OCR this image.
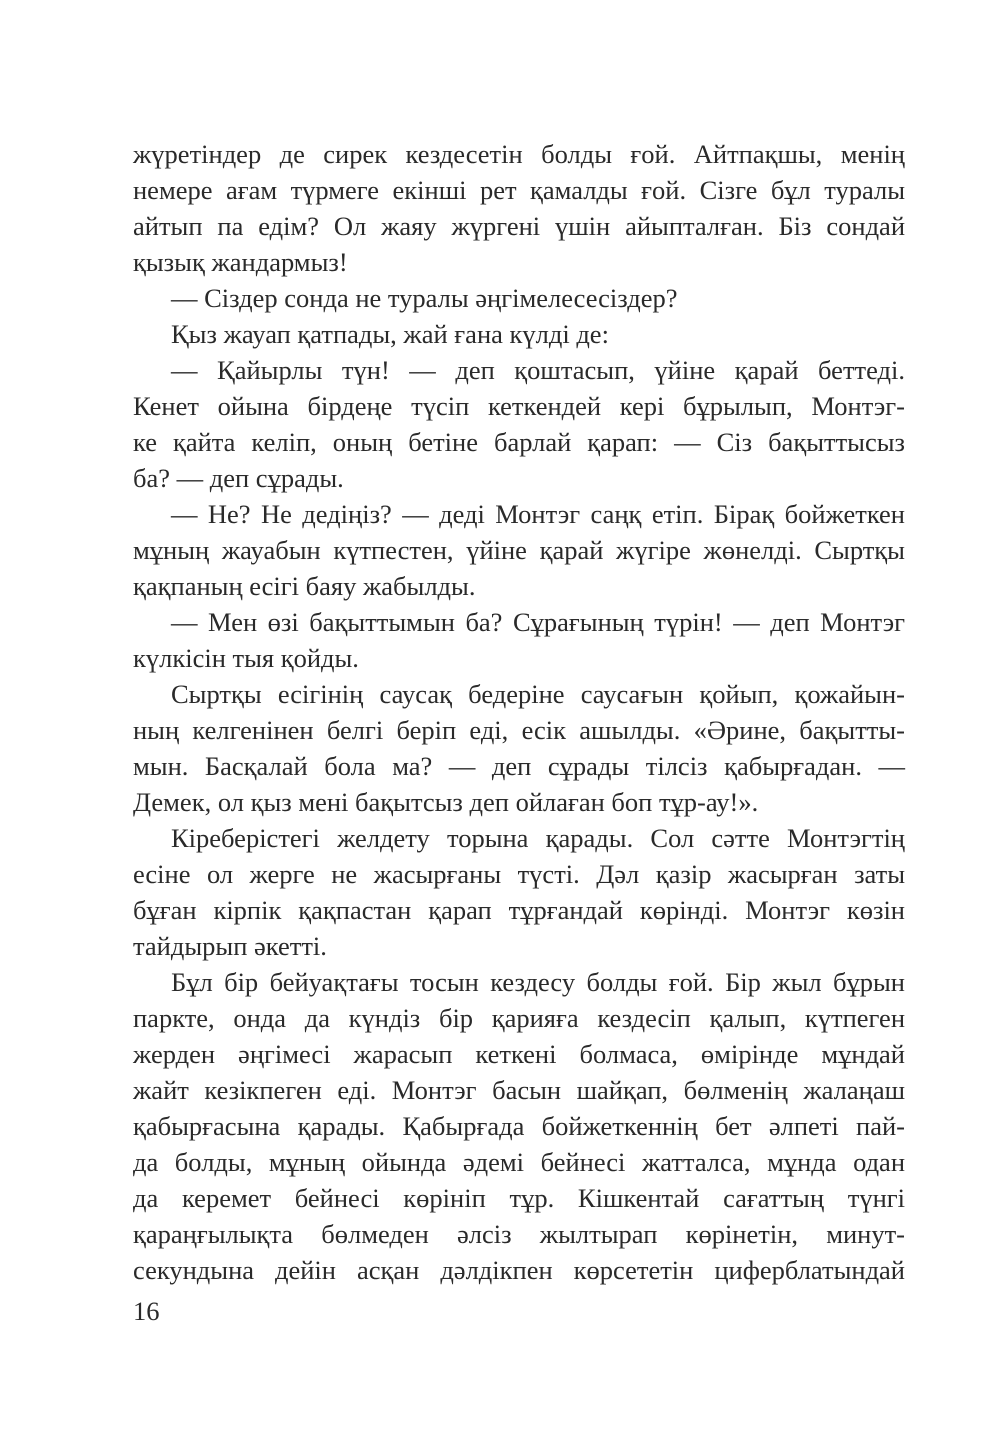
жүретіндер де сирек кездесетін болды ғой. Айтпақшы, менің
немере ағам түрмеге екінші рет қамалды ғой. Сізге бұл туралы
айтып па едім? Ол жаяу жүргені үшін айыпталған. Біз сондай
қызық жандармыз!
— Сіздер сонда не туралы әңгімелесесіздер?
Қыз жауап қатпады, жай ғана күлді де:
— Қайырлы түн! — деп қоштасып, үйіне қарай беттеді.
Кенет ойына бірдеңе түсіп кеткендей кері бұрылып, Монтэг-
ке қайта келіп, оның бетіне барлай қарап: — Сіз бақыттысыз
ба? — деп сұрады.
— Не? Не дедіңіз? — деді Монтэг саңқ етіп. Бірақ бойжеткен
мұның жауабын күтпестен, үйіне қарай жүгіре жөнелді. Сыртқы
қақпаның есігі баяу жабылды.
— Мен өзі бақыттымын ба? Сұрағының түрін! — деп Монтэг
күлкісін тыя қойды.
Сыртқы есігінің саусақ бедеріне саусағын қойып, қожайын-
ның келгенінен белгі беріп еді, есік ашылды. «Әрине, бақытты-
мын. Басқалай бола ма? — деп сұрады тілсіз қабырғадан. —
Демек, ол қыз мені бақытсыз деп ойлаған боп тұр-ау!».
Кіреберістегі желдету торына қарады. Сол сәтте Монтэгтің
есіне ол жерге не жасырғаны түсті. Дәл қазір жасырған заты
бұған кірпік қақпастан қарап тұрғандай көрінді. Монтэг көзін
тайдырып әкетті.
Бұл бір бейуақтағы тосын кездесу болды ғой. Бір жыл бұрын
паркте, онда да күндіз бір қарияға кездесіп қалып, күтпеген
жерден әңгімесі жарасып кеткені болмаса, өмірінде мұндай
жайт кезікпеген еді. Монтэг басын шайқап, бөлменің жалаңаш
қабырғасына қарады. Қабырғада бойжеткеннің бет әлпеті пай-
да болды, мұның ойында әдемі бейнесі жатталса, мұнда одан
да керемет бейнесі көрініп тұр. Кішкентай сағаттың түнгі
қараңғылықта бөлмеден әлсіз жылтырап көрінетін, минут-
секундына дейін асқан дәлдікпен көрсететін циферблатындай
16
